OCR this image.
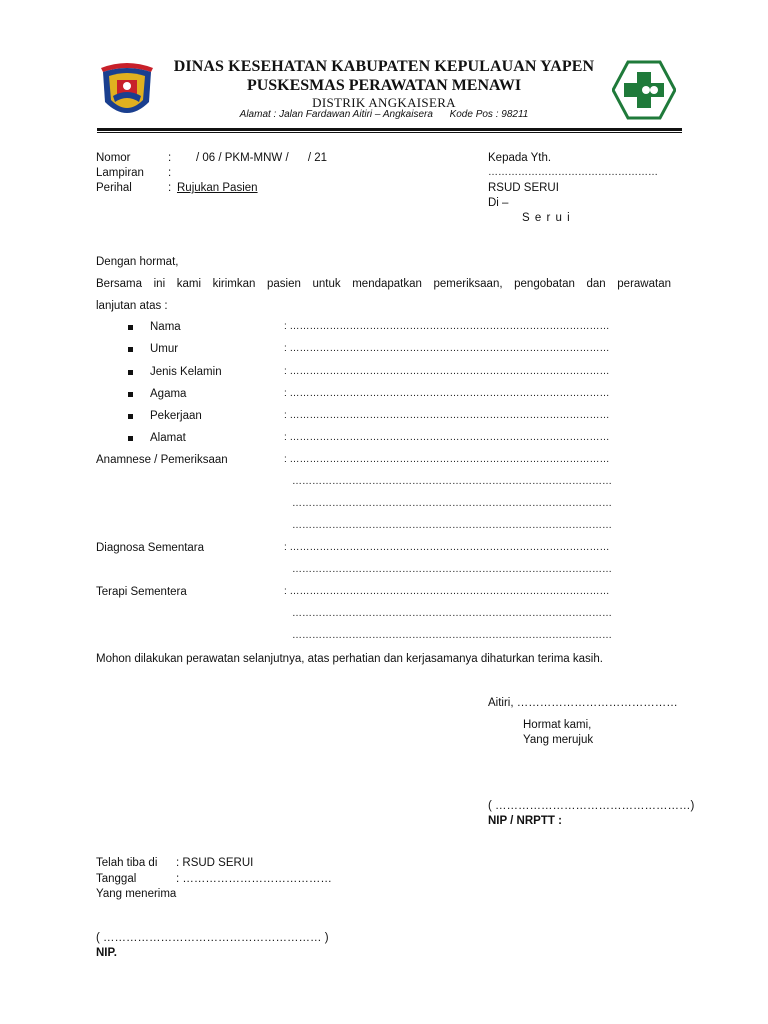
DINAS KESEHATAN KABUPATEN KEPULAUAN YAPEN
PUSKESMAS PERAWATAN MENAWI
DISTRIK ANGKAISERA
Alamat : Jalan Fardawan Aitiri – Angkaisera      Kode Pos : 98211
Nomor	: / 06 / PKM-MNW /      / 21
Lampiran :
Perihal	: Rujukan Pasien
Kepada Yth.
……………………………………………
RSUD SERUI
Di –
S e r u i
Dengan hormat,
Bersama ini kami kirimkan pasien untuk mendapatkan pemeriksaan, pengobatan dan perawatan
lanjutan atas :
Nama	: ……………………………………………………………………………………
Umur	: ……………………………………………………………………………………
Jenis Kelamin	: ……………………………………………………………………………………
Agama	: ……………………………………………………………………………………
Pekerjaan	: ……………………………………………………………………………………
Alamat	: ……………………………………………………………………………………
Anamnese / Pemeriksaan	: ……………………………………………………………………………………
……………………………………………………………………………………
……………………………………………………………………………………
……………………………………………………………………………………
Diagnosa Sementara	: ……………………………………………………………………………………
……………………………………………………………………………………
Terapi Sementera	: ……………………………………………………………………………………
……………………………………………………………………………………
……………………………………………………………………………………
Mohon dilakukan perawatan selanjutnya, atas perhatian dan kerjasamanya dihaturkan terima kasih.
Aitiri, ……………………………………
Hormat kami,
Yang merujuk
( ……………………………………………)
NIP / NRPTT :
Telah tiba di : RSUD SERUI
Tanggal	: …………………………………
Yang menerima
( ………………………………………………… )
NIP.
